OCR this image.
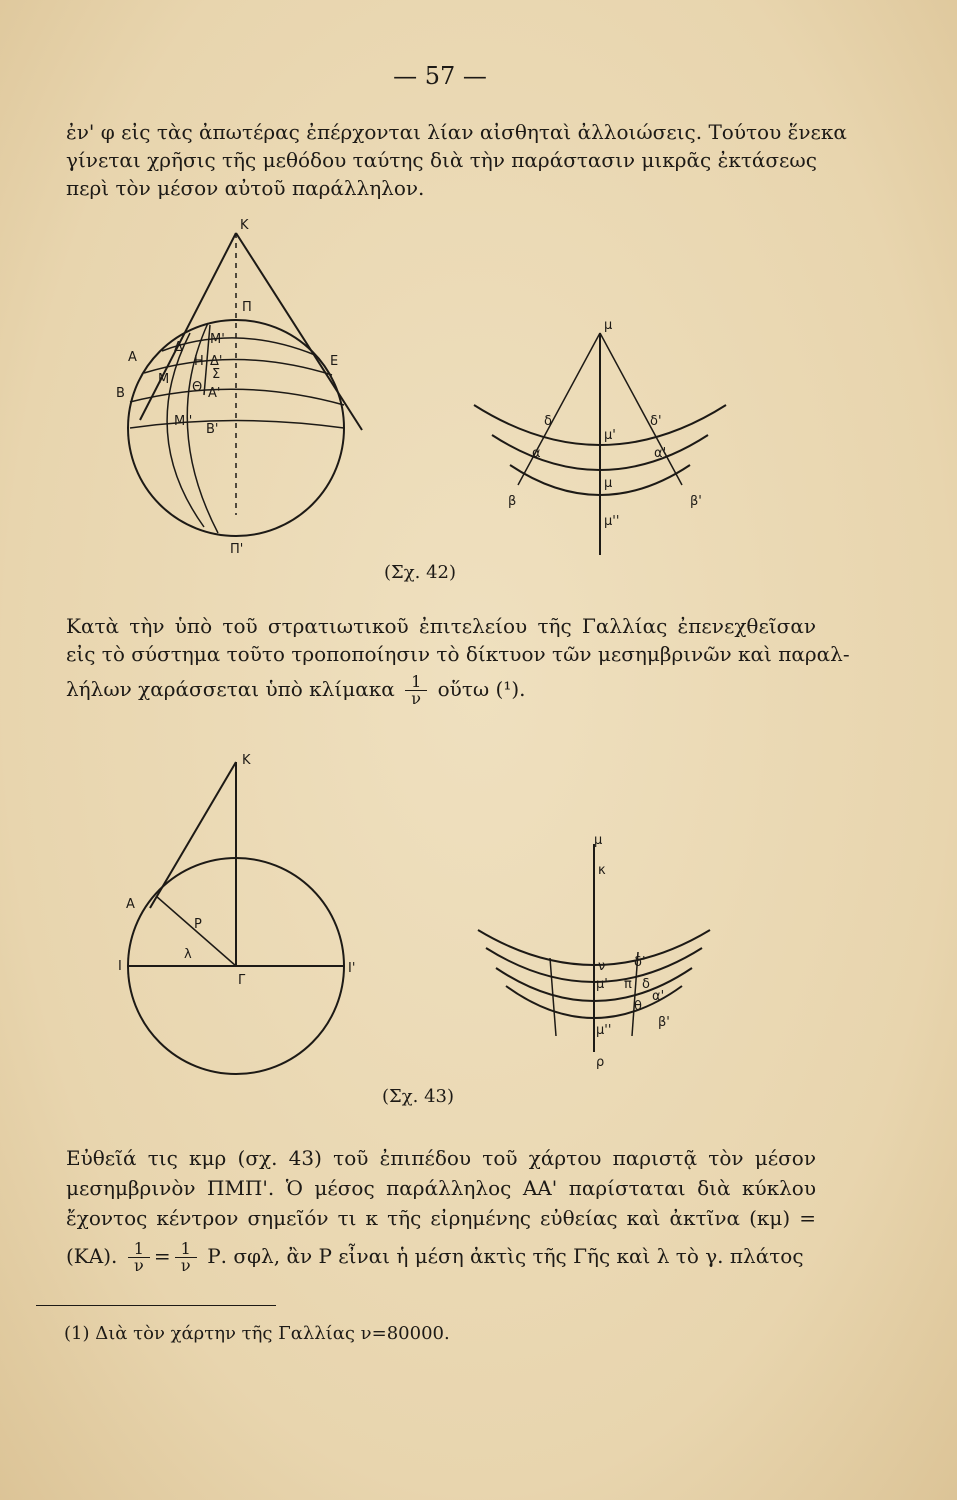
— 57 —

ἐν' φ εἰς τὰς ἀπωτέρας ἐπέρχονται λίαν αἰσθηταὶ ἀλλοιώσεις. Τούτου ἕνεκα

γίνεται χρῆσις τῆς μεθόδου ταύτης διὰ τὴν παράστασιν μικρᾶς ἐκτάσεως

περὶ τὸν μέσον αὐτοῦ παράλληλον.

Κ
Π
Μ'
Δ
Η Δ'
Σ
Α
Μ
Θ Α'
Β
Μ''
Β'
Ε
Π'
μ
δ
μ'
δ'
α	α'
μ
β	β'
μ''
(Σχ. 42)

Κατὰ τὴν ὑπὸ τοῦ στρατιωτικοῦ ἐπιτελείου τῆς Γαλλίας ἐπενεχθεῖσαν

εἰς τὸ σύστημα τοῦτο τροποποίησιν τὸ δίκτυον τῶν μεσημβρινῶν καὶ παραλ-

λήλων χαράσσεται ὑπὸ κλίμακα $\frac{1}{\nu}$ οὕτω (¹).

Κ
Α
Ρ
λ
Ι
Γ
Ι'
μ
κ
ν δ'
μ' π δ
α'
θ
μ''
β'
ρ
(Σχ. 43)

Εὐθεῖά τις κμρ (σχ. 43) τοῦ ἐπιπέδου τοῦ χάρτου παριστᾷ τὸν μέσον

μεσημβρινὸν ΠΜΠ'. Ὁ μέσος παράλληλος ΑΑ' παρίσταται διὰ κύκλου

ἔχοντος κέντρον σημεῖόν τι κ τῆς εἰρημένης εὐθείας καὶ ἀκτῖνα (κμ) =

(ΚΑ). $\frac{1}{\nu} = \frac{1}{\nu} P$. σφλ, ἂν Ρ εἶναι ἡ μέση ἀκτὶς τῆς Γῆς καὶ λ τὸ γ. πλάτος

(1) Διὰ τὸν χάρτην τῆς Γαλλίας ν=80000.
